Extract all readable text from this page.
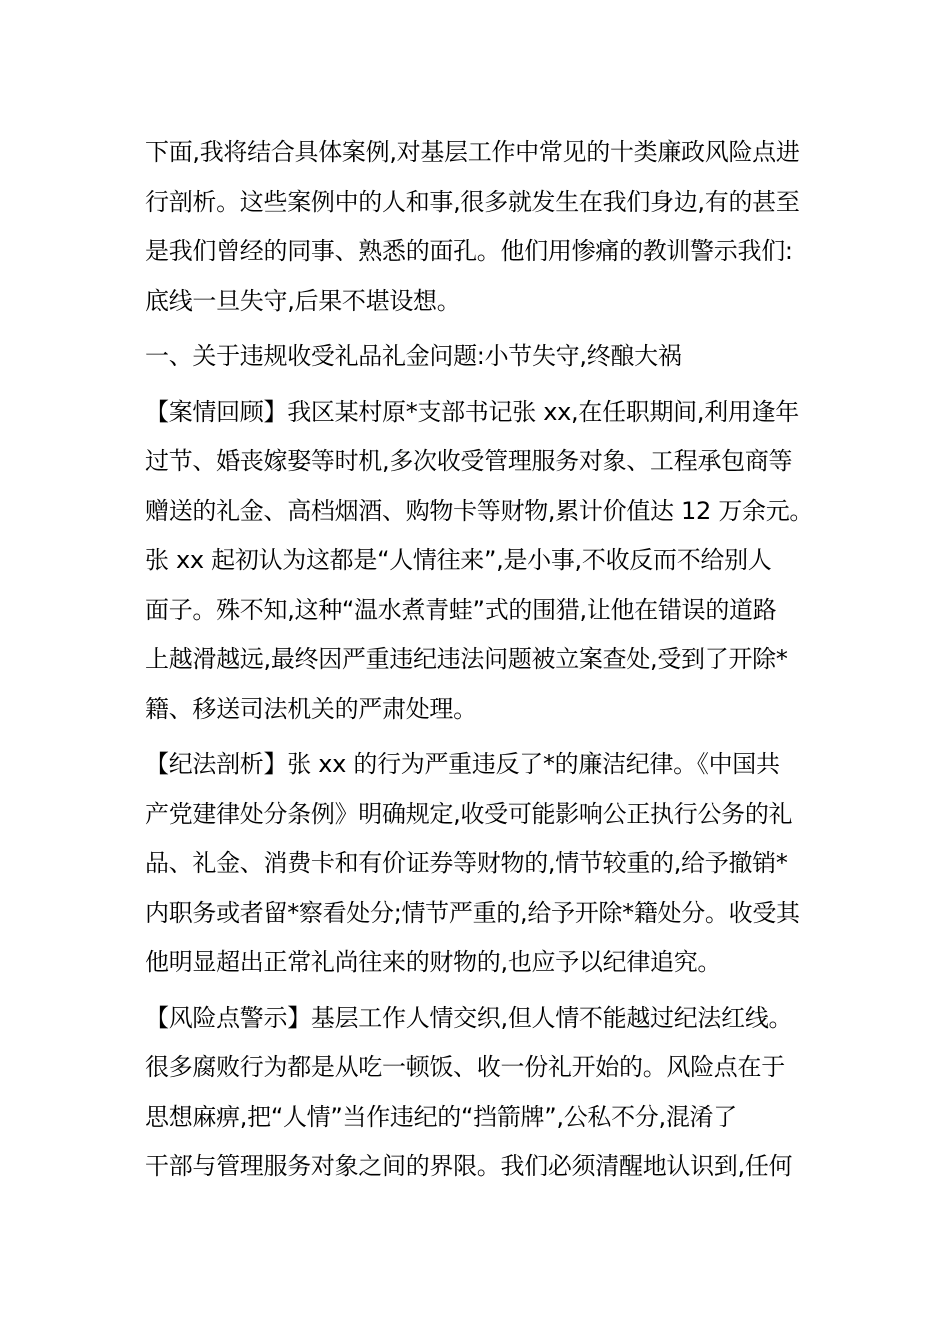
下面,我将结合具体案例,对基层工作中常见的十类廉政风险点进
行剖析。这些案例中的人和事,很多就发生在我们身边,有的甚至
是我们曾经的同事、熟悉的面孔。他们用惨痛的教训警示我们:
底线一旦失守,后果不堪设想。
一、关于违规收受礼品礼金问题:小节失守,终酿大祸
【案情回顾】我区某村原*支部书记张 xx,在任职期间,利用逢年
过节、婚丧嫁娶等时机,多次收受管理服务对象、工程承包商等
赠送的礼金、高档烟酒、购物卡等财物,累计价值达 12 万余元。
张 xx 起初认为这都是“人情往来”,是小事,不收反而不给别人
面子。殊不知,这种“温水煮青蛙”式的围猎,让他在错误的道路
上越滑越远,最终因严重违纪违法问题被立案查处,受到了开除*
籍、移送司法机关的严肃处理。
【纪法剖析】张 xx 的行为严重违反了*的廉洁纪律。《中国共
产党建律处分条例》明确规定,收受可能影响公正执行公务的礼
品、礼金、消费卡和有价证券等财物的,情节较重的,给予撤销*
内职务或者留*察看处分;情节严重的,给予开除*籍处分。收受其
他明显超出正常礼尚往来的财物的,也应予以纪律追究。
【风险点警示】基层工作人情交织,但人情不能越过纪法红线。
很多腐败行为都是从吃一顿饭、收一份礼开始的。风险点在于
思想麻痹,把“人情”当作违纪的“挡箭牌”,公私不分,混淆了
干部与管理服务对象之间的界限。我们必须清醒地认识到,任何
